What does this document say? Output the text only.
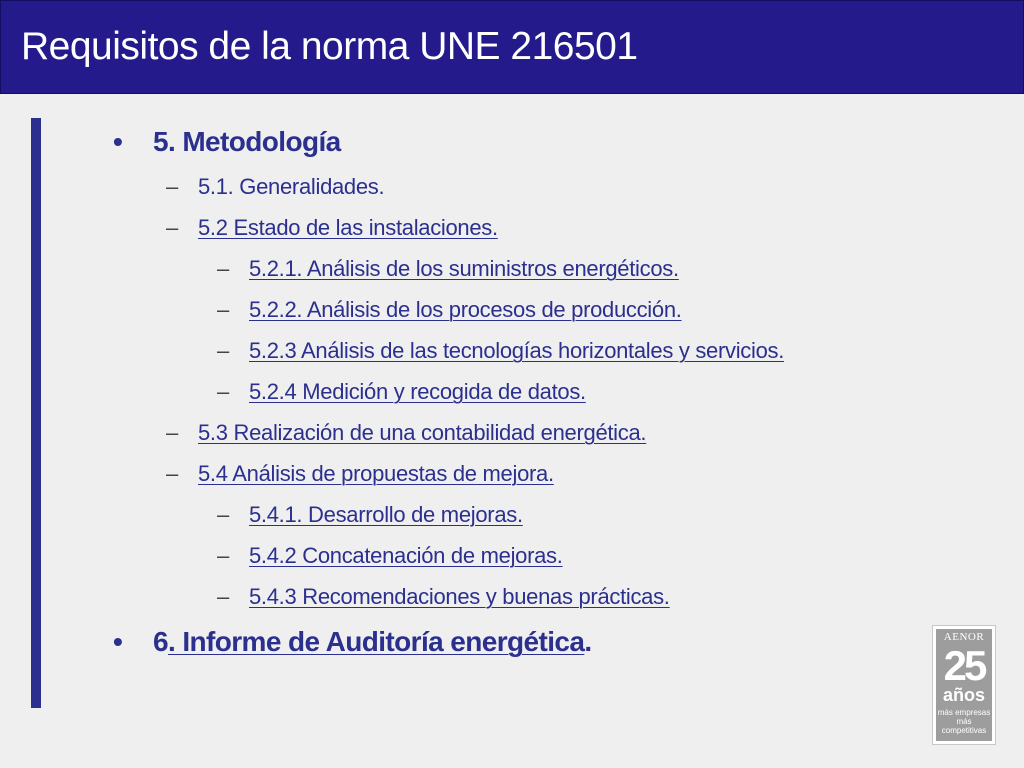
Requisitos de la norma UNE 216501
• 5. Metodología
– 5.1. Generalidades.
– 5.2 Estado de las instalaciones.
– 5.2.1. Análisis de los suministros energéticos.
– 5.2.2. Análisis de los procesos de producción.
– 5.2.3 Análisis de las tecnologías horizontales y servicios.
– 5.2.4 Medición y recogida de datos.
– 5.3 Realización de una contabilidad energética.
– 5.4 Análisis de propuestas de mejora.
– 5.4.1. Desarrollo de mejoras.
– 5.4.2 Concatenación de mejoras.
– 5.4.3 Recomendaciones y buenas prácticas.
• 6. Informe de Auditoría energética.	AENOR
25
años
más empresas
más competitivas
